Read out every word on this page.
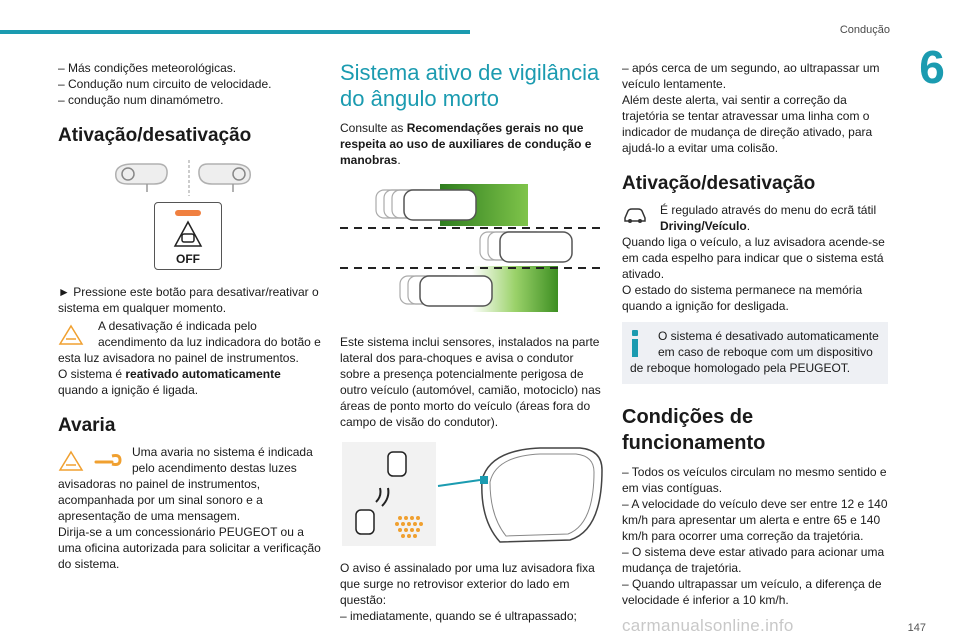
Condução
6

– Más condições meteorológicas.

– Condução num circuito de velocidade.

– condução num dinamómetro.

Ativação/desativação

OFF

► Pressione este botão para desativar/reativar o sistema em qualquer momento.

A desativação é indicada pelo

acendimento da luz indicadora do botão e

esta luz avisadora no painel de instrumentos.

O sistema é reativado automaticamente

quando a ignição é ligada.

Avaria

Uma avaria no sistema é indicada

pelo acendimento destas luzes

avisadoras no painel de instrumentos, acompanhada por um sinal sonoro e a apresentação de uma mensagem.

Dirija-se a um concessionário PEUGEOT ou a uma oficina autorizada para solicitar a verificação do sistema.

Sistema ativo de vigilância do ângulo morto

Consulte as Recomendações gerais no que respeita ao uso de auxiliares de condução e manobras.

Este sistema inclui sensores, instalados na parte lateral dos para-choques e avisa o condutor sobre a presença potencialmente perigosa de outro veículo (automóvel, camião, motociclo) nas áreas de ponto morto do veículo (áreas fora do campo de visão do condutor).

O aviso é assinalado por uma luz avisadora fixa que surge no retrovisor exterior do lado em questão:

– imediatamente, quando se é ultrapassado;

– após cerca de um segundo, ao ultrapassar um veículo lentamente.

Além deste alerta, vai sentir a correção da trajetória se tentar atravessar uma linha com o indicador de mudança de direção ativado, para ajudá-lo a evitar uma colisão.

Ativação/desativação

É regulado através do menu do ecrã tátil

Driving/Veículo.

Quando liga o veículo, a luz avisadora acende-se em cada espelho para indicar que o sistema está ativado.

O estado do sistema permanece na memória quando a ignição for desligada.

O sistema é desativado automaticamente

em caso de reboque com um dispositivo

de reboque homologado pela PEUGEOT.

Condições de funcionamento

– Todos os veículos circulam no mesmo sentido e em vias contíguas.

– A velocidade do veículo deve ser entre 12 e 140 km/h para apresentar um alerta e entre 65 e 140 km/h para ocorrer uma correção da trajetória.

– O sistema deve estar ativado para acionar uma mudança de trajetória.

– Quando ultrapassar um veículo, a diferença de velocidade é inferior a 10 km/h.

carmanualsonline.info	147
